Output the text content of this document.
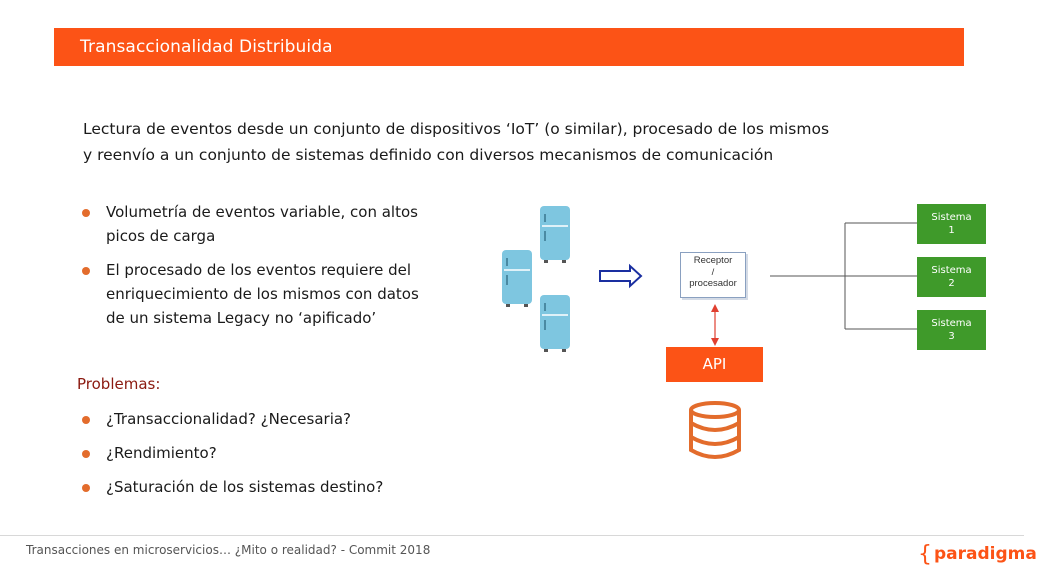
Transaccionalidad Distribuida
Lectura de eventos desde un conjunto de dispositivos ‘IoT’ (o similar), procesado de los mismos
y reenvío a un conjunto de sistemas definido con diversos mecanismos de comunicación
Volumetría de eventos variable, con altos picos de carga
El procesado de los eventos requiere del enriquecimiento de los mismos con datos de un sistema Legacy no ‘apificado’
Problemas:
¿Transaccionalidad? ¿Necesaria?
¿Rendimiento?
¿Saturación de los sistemas destino?
Receptor
/
procesador
API
Sistema
1
Sistema
2
Sistema
3
Transacciones en microservicios… ¿Mito o realidad? - Commit 2018	{ paradigma
